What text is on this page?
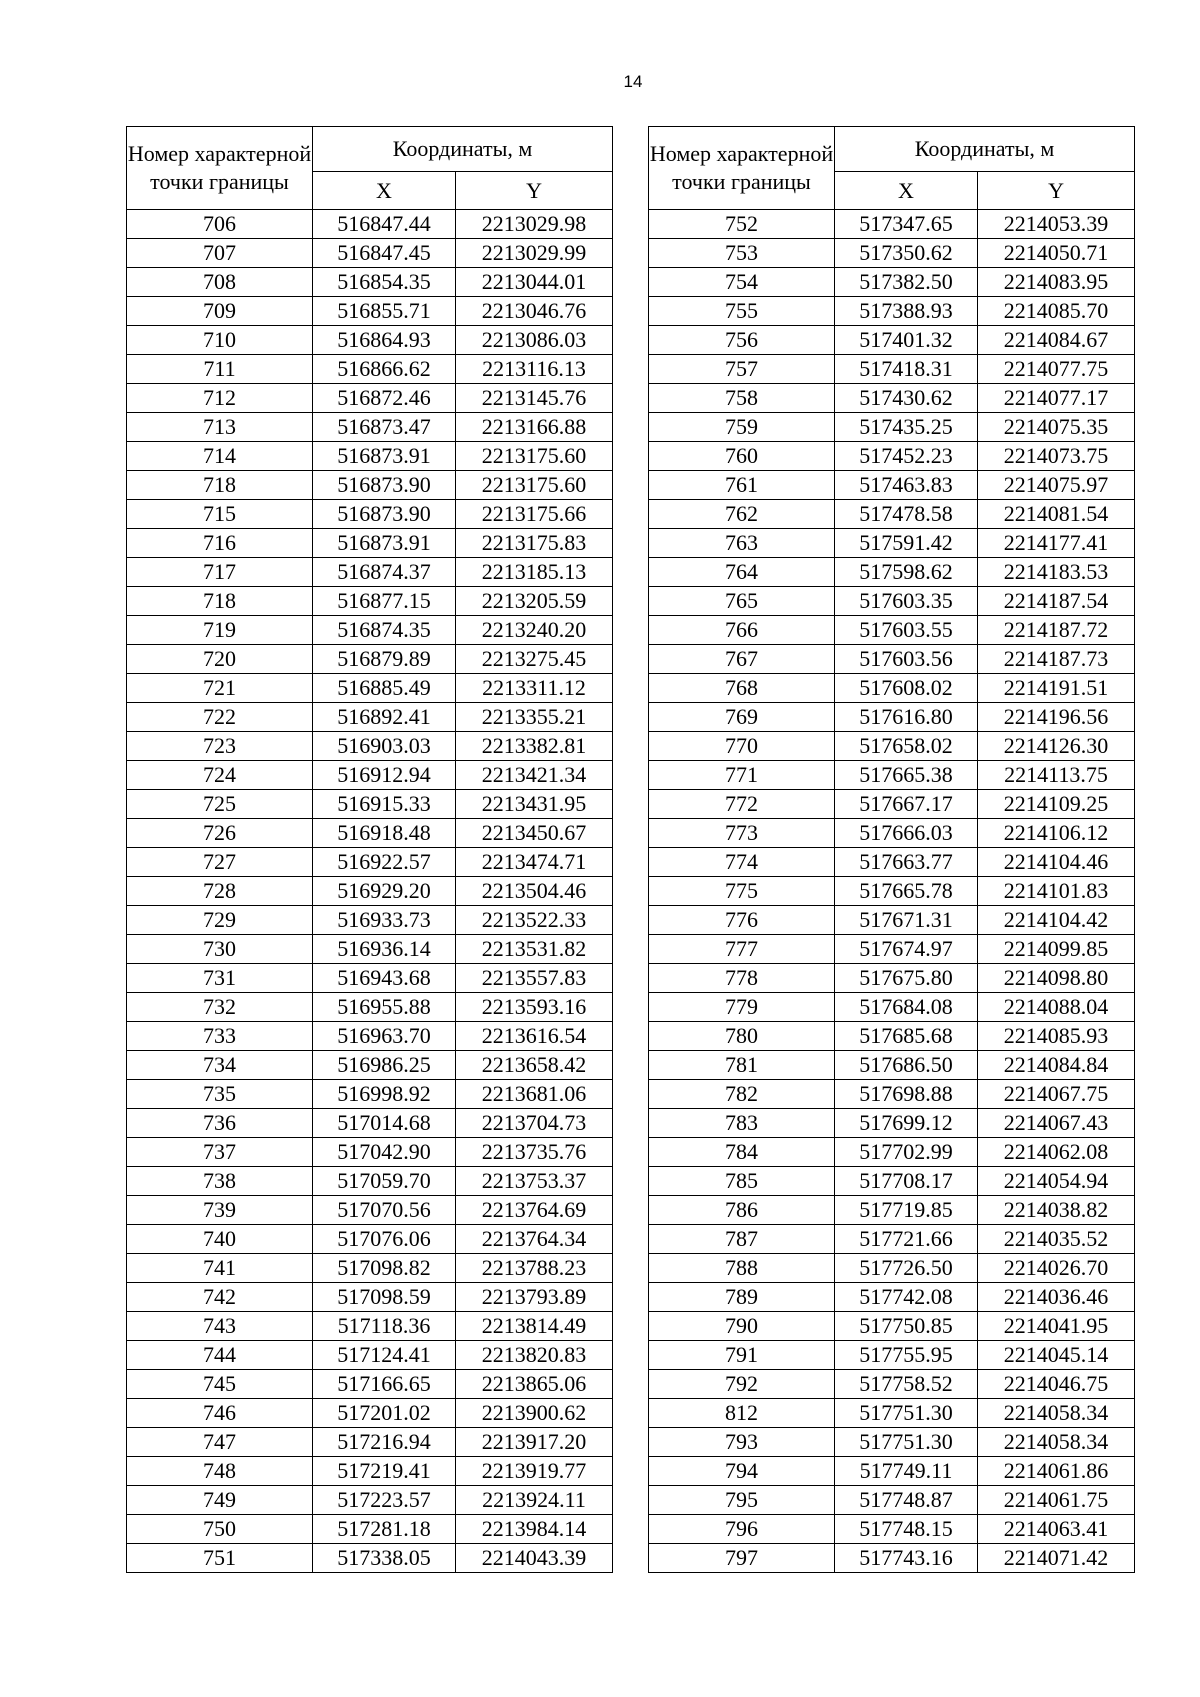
14
Номер характерной точки границы	Координаты, м	
	X	Y
706	516847.44	2213029.98
707	516847.45	2213029.99
708	516854.35	2213044.01
709	516855.71	2213046.76
710	516864.93	2213086.03
711	516866.62	2213116.13
712	516872.46	2213145.76
713	516873.47	2213166.88
714	516873.91	2213175.60
718	516873.90	2213175.60
715	516873.90	2213175.66
716	516873.91	2213175.83
717	516874.37	2213185.13
718	516877.15	2213205.59
719	516874.35	2213240.20
720	516879.89	2213275.45
721	516885.49	2213311.12
722	516892.41	2213355.21
723	516903.03	2213382.81
724	516912.94	2213421.34
725	516915.33	2213431.95
726	516918.48	2213450.67
727	516922.57	2213474.71
728	516929.20	2213504.46
729	516933.73	2213522.33
730	516936.14	2213531.82
731	516943.68	2213557.83
732	516955.88	2213593.16
733	516963.70	2213616.54
734	516986.25	2213658.42
735	516998.92	2213681.06
736	517014.68	2213704.73
737	517042.90	2213735.76
738	517059.70	2213753.37
739	517070.56	2213764.69
740	517076.06	2213764.34
741	517098.82	2213788.23
742	517098.59	2213793.89
743	517118.36	2213814.49
744	517124.41	2213820.83
745	517166.65	2213865.06
746	517201.02	2213900.62
747	517216.94	2213917.20
748	517219.41	2213919.77
749	517223.57	2213924.11
750	517281.18	2213984.14
751	517338.05	2214043.39
Номер характерной точки границы	Координаты, м	
	X	Y
752	517347.65	2214053.39
753	517350.62	2214050.71
754	517382.50	2214083.95
755	517388.93	2214085.70
756	517401.32	2214084.67
757	517418.31	2214077.75
758	517430.62	2214077.17
759	517435.25	2214075.35
760	517452.23	2214073.75
761	517463.83	2214075.97
762	517478.58	2214081.54
763	517591.42	2214177.41
764	517598.62	2214183.53
765	517603.35	2214187.54
766	517603.55	2214187.72
767	517603.56	2214187.73
768	517608.02	2214191.51
769	517616.80	2214196.56
770	517658.02	2214126.30
771	517665.38	2214113.75
772	517667.17	2214109.25
773	517666.03	2214106.12
774	517663.77	2214104.46
775	517665.78	2214101.83
776	517671.31	2214104.42
777	517674.97	2214099.85
778	517675.80	2214098.80
779	517684.08	2214088.04
780	517685.68	2214085.93
781	517686.50	2214084.84
782	517698.88	2214067.75
783	517699.12	2214067.43
784	517702.99	2214062.08
785	517708.17	2214054.94
786	517719.85	2214038.82
787	517721.66	2214035.52
788	517726.50	2214026.70
789	517742.08	2214036.46
790	517750.85	2214041.95
791	517755.95	2214045.14
792	517758.52	2214046.75
812	517751.30	2214058.34
793	517751.30	2214058.34
794	517749.11	2214061.86
795	517748.87	2214061.75
796	517748.15	2214063.41
797	517743.16	2214071.42
